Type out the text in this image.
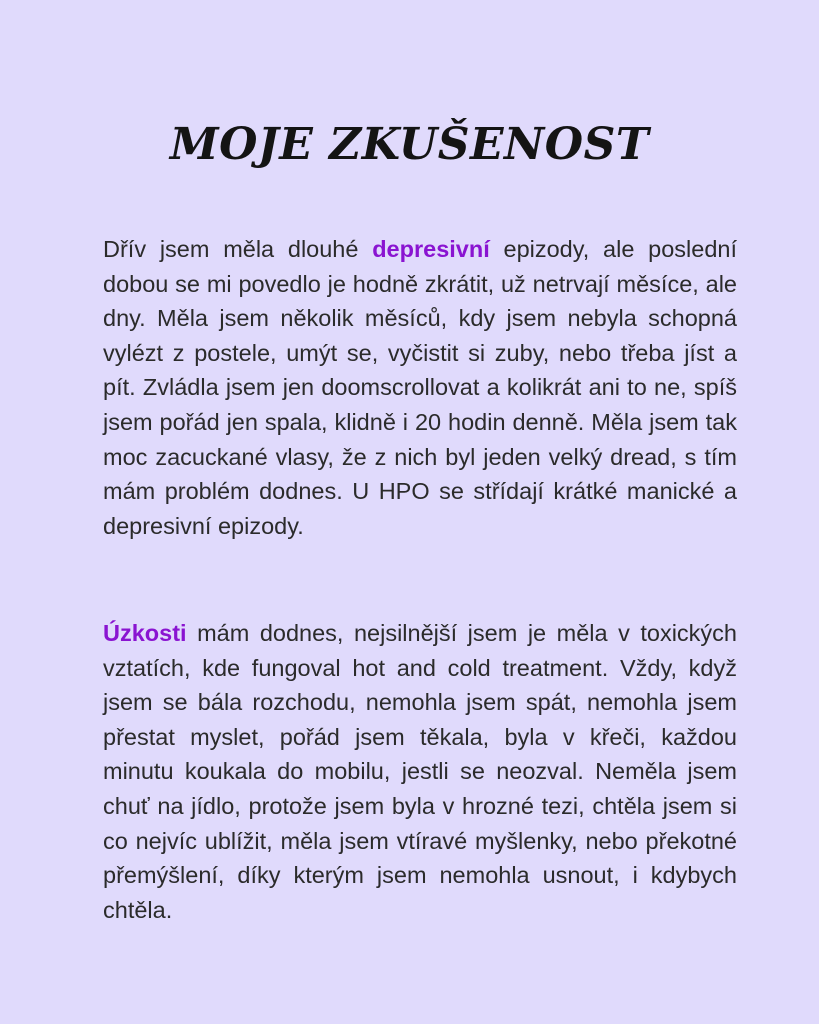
MOJE ZKUŠENOST

Dřív jsem měla dlouhé depresivní epizody, ale poslední dobou se mi povedlo je hodně zkrátit, už netrvají měsíce, ale dny. Měla jsem několik měsíců, kdy jsem nebyla schopná vylézt z postele, umýt se, vyčistit si zuby, nebo třeba jíst a pít. Zvládla jsem jen doomscrollovat a kolikrát ani to ne, spíš jsem pořád jen spala, klidně i 20 hodin denně. Měla jsem tak moc zacuckané vlasy, že z nich byl jeden velký dread, s tím mám problém dodnes. U HPO se střídají krátké manické a depresivní epizody.

Úzkosti mám dodnes, nejsilnější jsem je měla v toxických vztatích, kde fungoval hot and cold treatment. Vždy, když jsem se bála rozchodu, nemohla jsem spát, nemohla jsem přestat myslet, pořád jsem těkala, byla v křeči, každou minutu koukala do mobilu, jestli se neozval. Neměla jsem chuť na jídlo, protože jsem byla v hrozné tezi, chtěla jsem si co nejvíc ublížit, měla jsem vtíravé myšlenky, nebo překotné přemýšlení, díky kterým jsem nemohla usnout, i kdybych chtěla.
